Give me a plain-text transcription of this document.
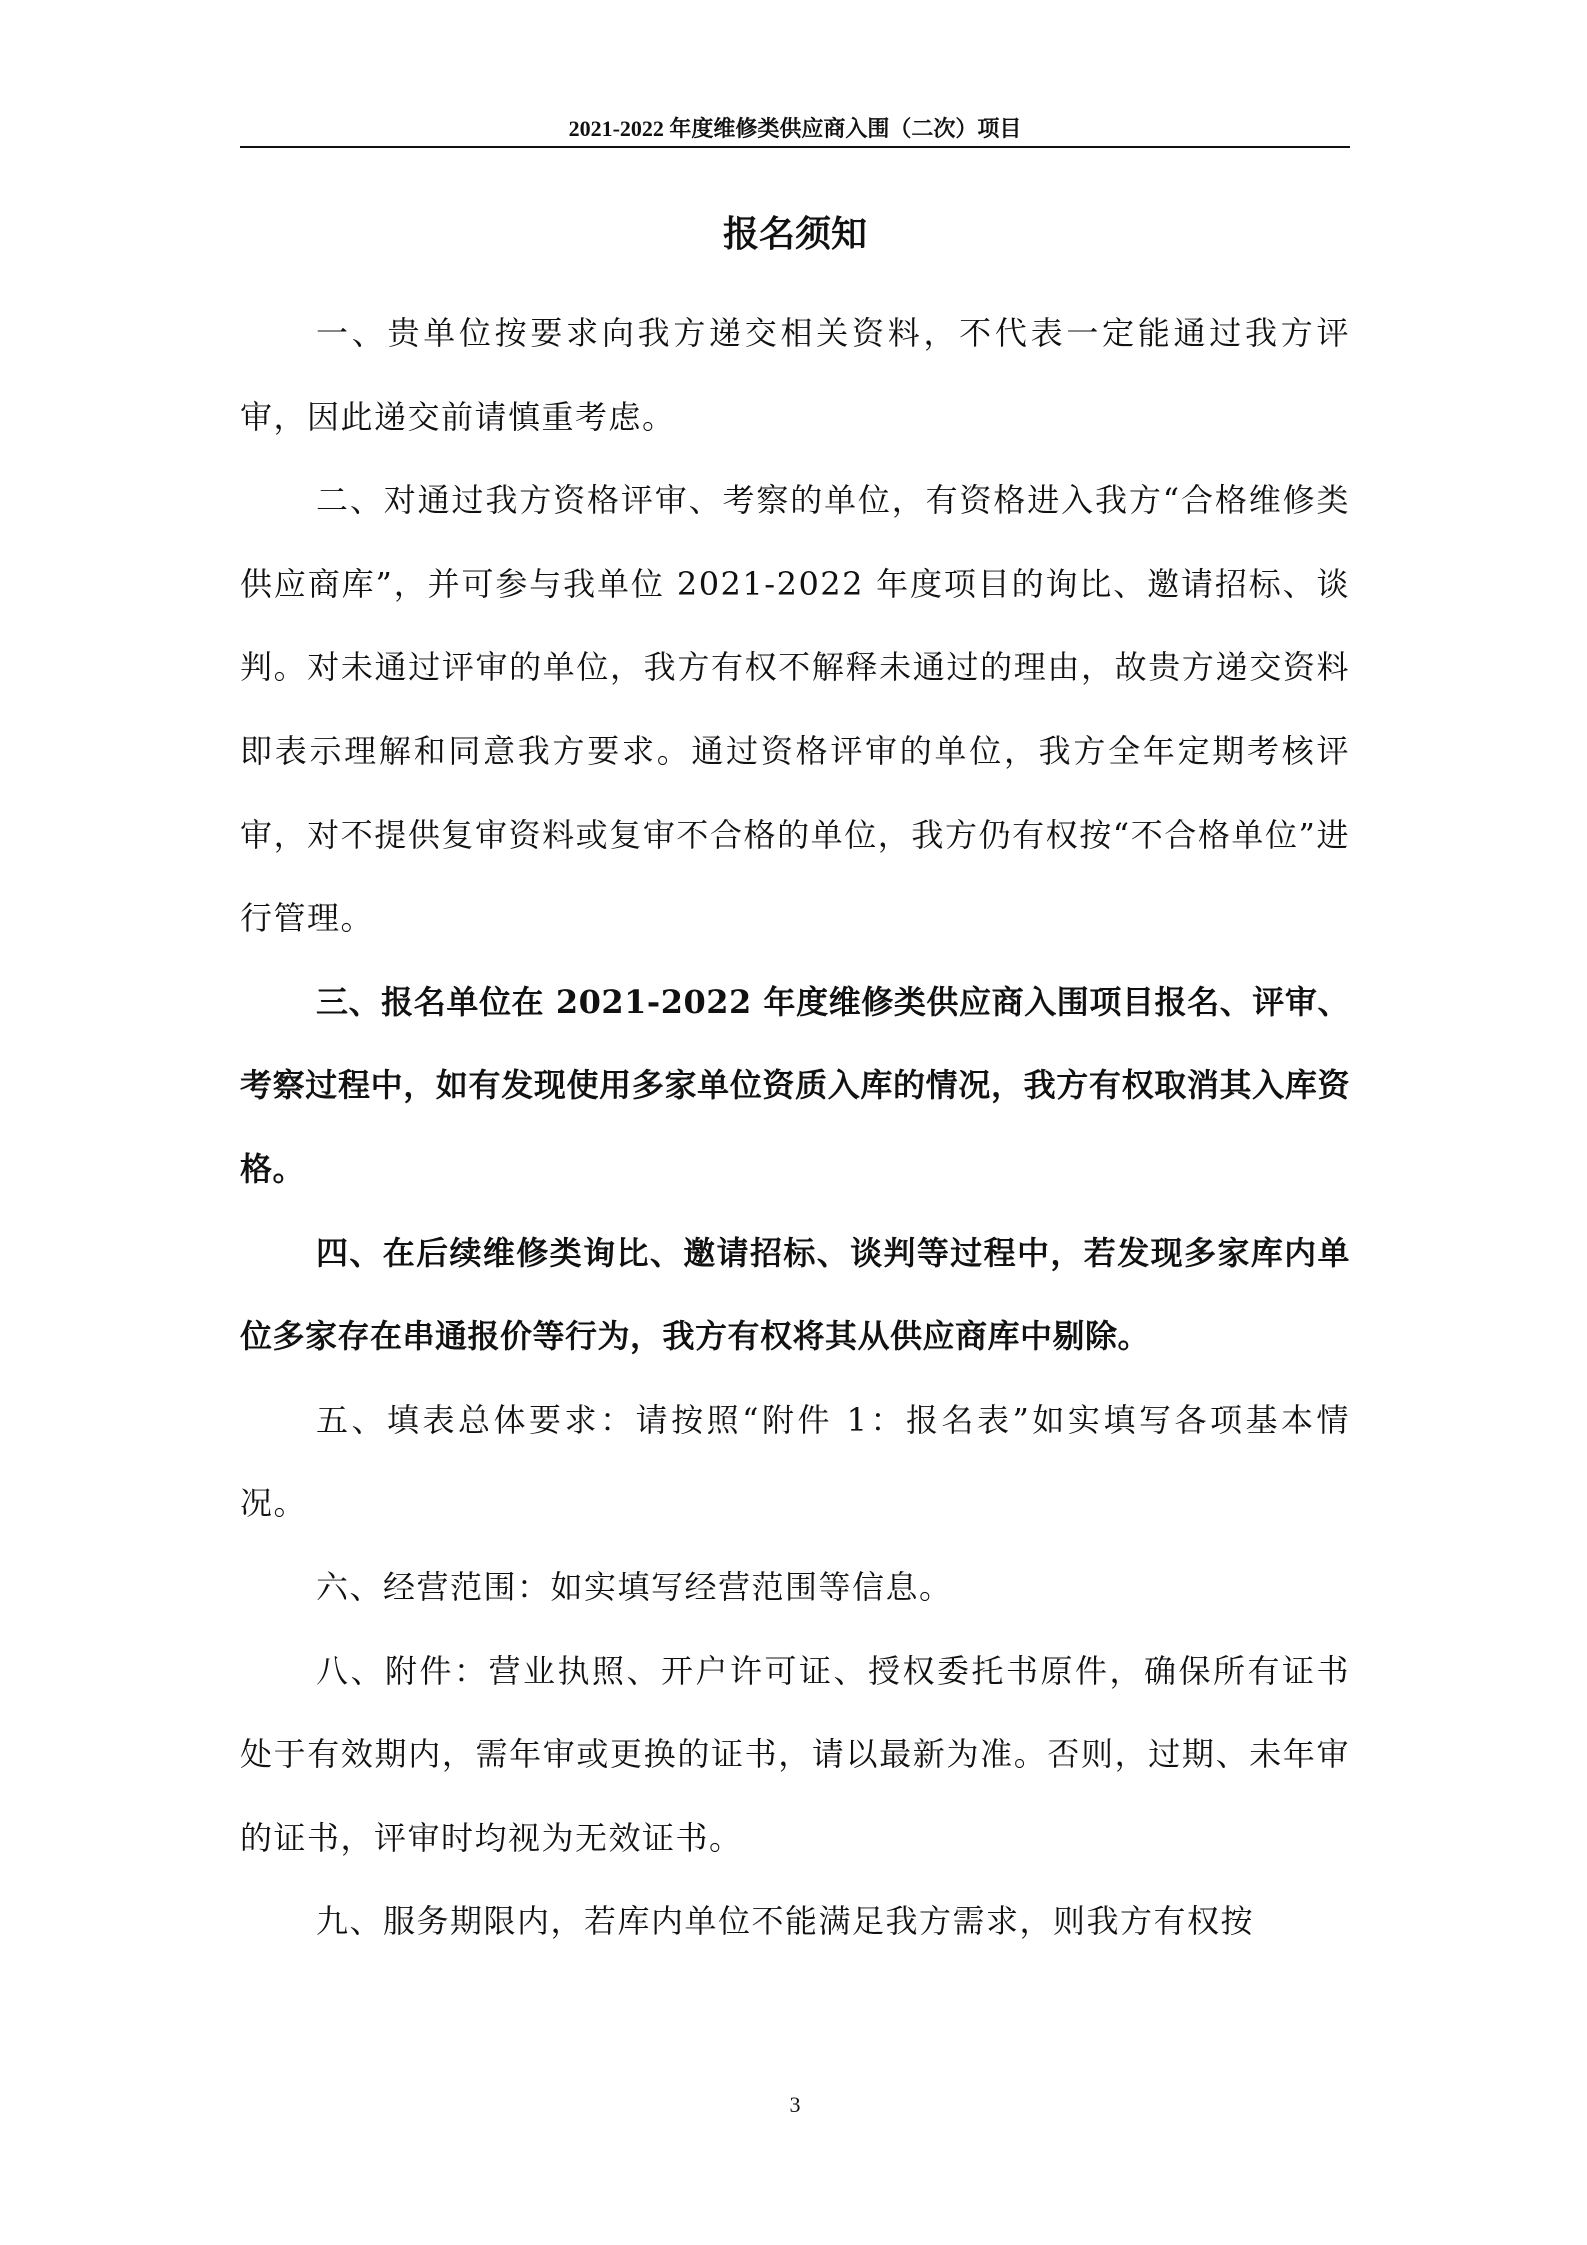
2021-2022 年度维修类供应商入围（二次）项目
报名须知

一、贵单位按要求向我方递交相关资料，不代表一定能通过我方评审，因此递交前请慎重考虑。

二、对通过我方资格评审、考察的单位，有资格进入我方“合格维修类供应商库”，并可参与我单位 2021-2022 年度项目的询比、邀请招标、谈判。对未通过评审的单位，我方有权不解释未通过的理由，故贵方递交资料即表示理解和同意我方要求。通过资格评审的单位，我方全年定期考核评审，对不提供复审资料或复审不合格的单位，我方仍有权按“不合格单位”进行管理。

三、报名单位在 2021-2022 年度维修类供应商入围项目报名、评审、考察过程中，如有发现使用多家单位资质入库的情况，我方有权取消其入库资格。

四、在后续维修类询比、邀请招标、谈判等过程中，若发现多家库内单位多家存在串通报价等行为，我方有权将其从供应商库中剔除。

五、填表总体要求：请按照“附件 1：报名表”如实填写各项基本情况。

六、经营范围：如实填写经营范围等信息。

八、附件：营业执照、开户许可证、授权委托书原件，确保所有证书处于有效期内，需年审或更换的证书，请以最新为准。否则，过期、未年审的证书，评审时均视为无效证书。

九、服务期限内，若库内单位不能满足我方需求，则我方有权按

3
